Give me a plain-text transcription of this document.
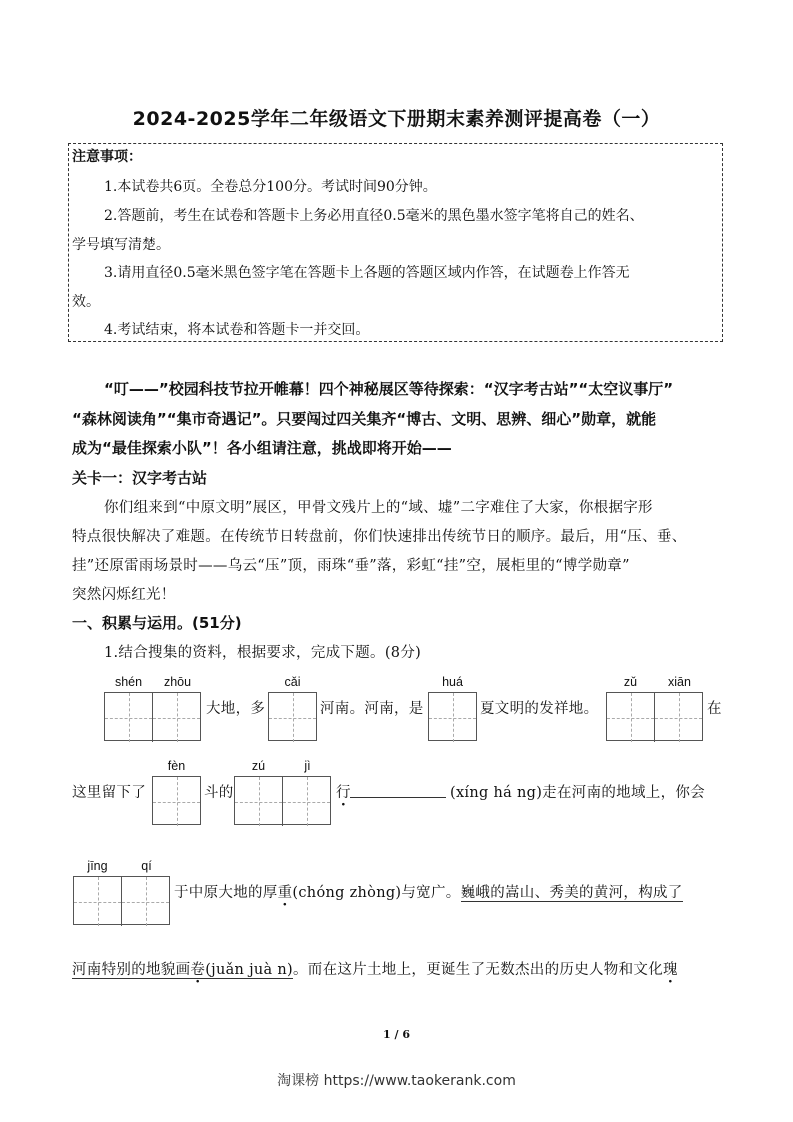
2024-2025学年二年级语文下册期末素养测评提高卷（一）
注意事项：
1.本试卷共6页。全卷总分100分。考试时间90分钟。
2.答题前，考生在试卷和答题卡上务必用直径0.5毫米的黑色墨水签字笔将自己的姓名、
学号填写清楚。
3.请用直径0.5毫米黑色签字笔在答题卡上各题的答题区域内作答，在试题卷上作答无
效。
4.考试结束，将本试卷和答题卡一并交回。
“叮——”校园科技节拉开帷幕！四个神秘展区等待探索：“汉字考古站”“太空议事厅”
“森林阅读角”“集市奇遇记”。只要闯过四关集齐“博古、文明、思辨、细心”勋章，就能
成为“最佳探索小队”！各小组请注意，挑战即将开始——
关卡一：汉字考古站
你们组来到“中原文明”展区，甲骨文残片上的“域、墟”二字难住了大家，你根据字形
特点很快解决了难题。在传统节日转盘前，你们快速排出传统节日的顺序。最后，用“压、垂、
挂”还原雷雨场景时——乌云“压”顶，雨珠“垂”落，彩虹“挂”空，展柜里的“博学勋章”
突然闪烁红光！
一、积累与运用。(51分)
1.结合搜集的资料，根据要求，完成下题。(8分)
shén	zhōu
大地，多
cǎi
河南。河南，是
huá
夏文明的发祥地。
zǔ	xiān
在
这里留下了
fèn
斗的
zú	jì
行	(xíng há ng)走在河南的地域上，你会
jīng	qí
于中原大地的厚重(chóng zhòng)与宽广。巍峨的嵩山、秀美的黄河，构成了
河南特别的地貌画卷(juǎn juà n)。而在这片土地上，更诞生了无数杰出的历史人物和文化瑰
1 / 6
淘课榜 https://www.taokerank.com
